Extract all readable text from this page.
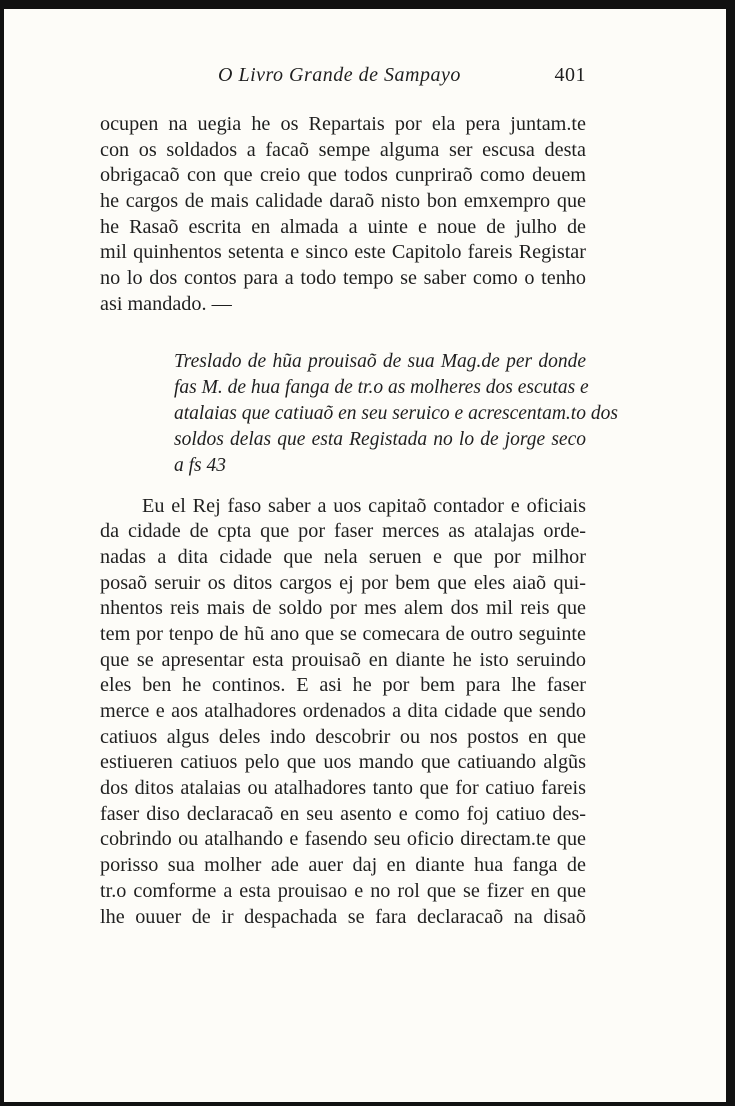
O Livro Grande de Sampayo	401
ocupen na uegia he os Repartais por ela pera juntam.te
con os soldados a facaõ sempe alguma ser escusa desta
obrigacaõ con que creio que todos cunpriraõ como deuem
he cargos de mais calidade daraõ nisto bon emxempro que
he Rasaõ escrita en almada a uinte e noue de julho de
mil quinhentos setenta e sinco este Capitolo fareis Registar
no lo dos contos para a todo tempo se saber como o tenho
asi mandado. —
Treslado de hũa prouisaõ de sua Mag.de per donde
fas M. de hua fanga de tr.o as molheres dos escutas e
atalaias que catiuaõ en seu seruico e acrescentam.to dos
soldos delas que esta Registada no lo de jorge seco
a fs 43
Eu el Rej faso saber a uos capitaõ contador e oficiais
da cidade de cpta que por faser merces as atalajas orde-
nadas a dita cidade que nela seruen e que por milhor
posaõ seruir os ditos cargos ej por bem que eles aiaõ qui-
nhentos reis mais de soldo por mes alem dos mil reis que
tem por tenpo de hũ ano que se comecara de outro seguinte
que se apresentar esta prouisaõ en diante he isto seruindo
eles ben he continos. E asi he por bem para lhe faser
merce e aos atalhadores ordenados a dita cidade que sendo
catiuos algus deles indo descobrir ou nos postos en que
estiueren catiuos pelo que uos mando que catiuando algũs
dos ditos atalaias ou atalhadores tanto que for catiuo fareis
faser diso declaracaõ en seu asento e como foj catiuo des-
cobrindo ou atalhando e fasendo seu oficio directam.te que
porisso sua molher ade auer daj en diante hua fanga de
tr.o comforme a esta prouisao e no rol que se fizer en que
lhe ouuer de ir despachada se fara declaracaõ na disaõ
